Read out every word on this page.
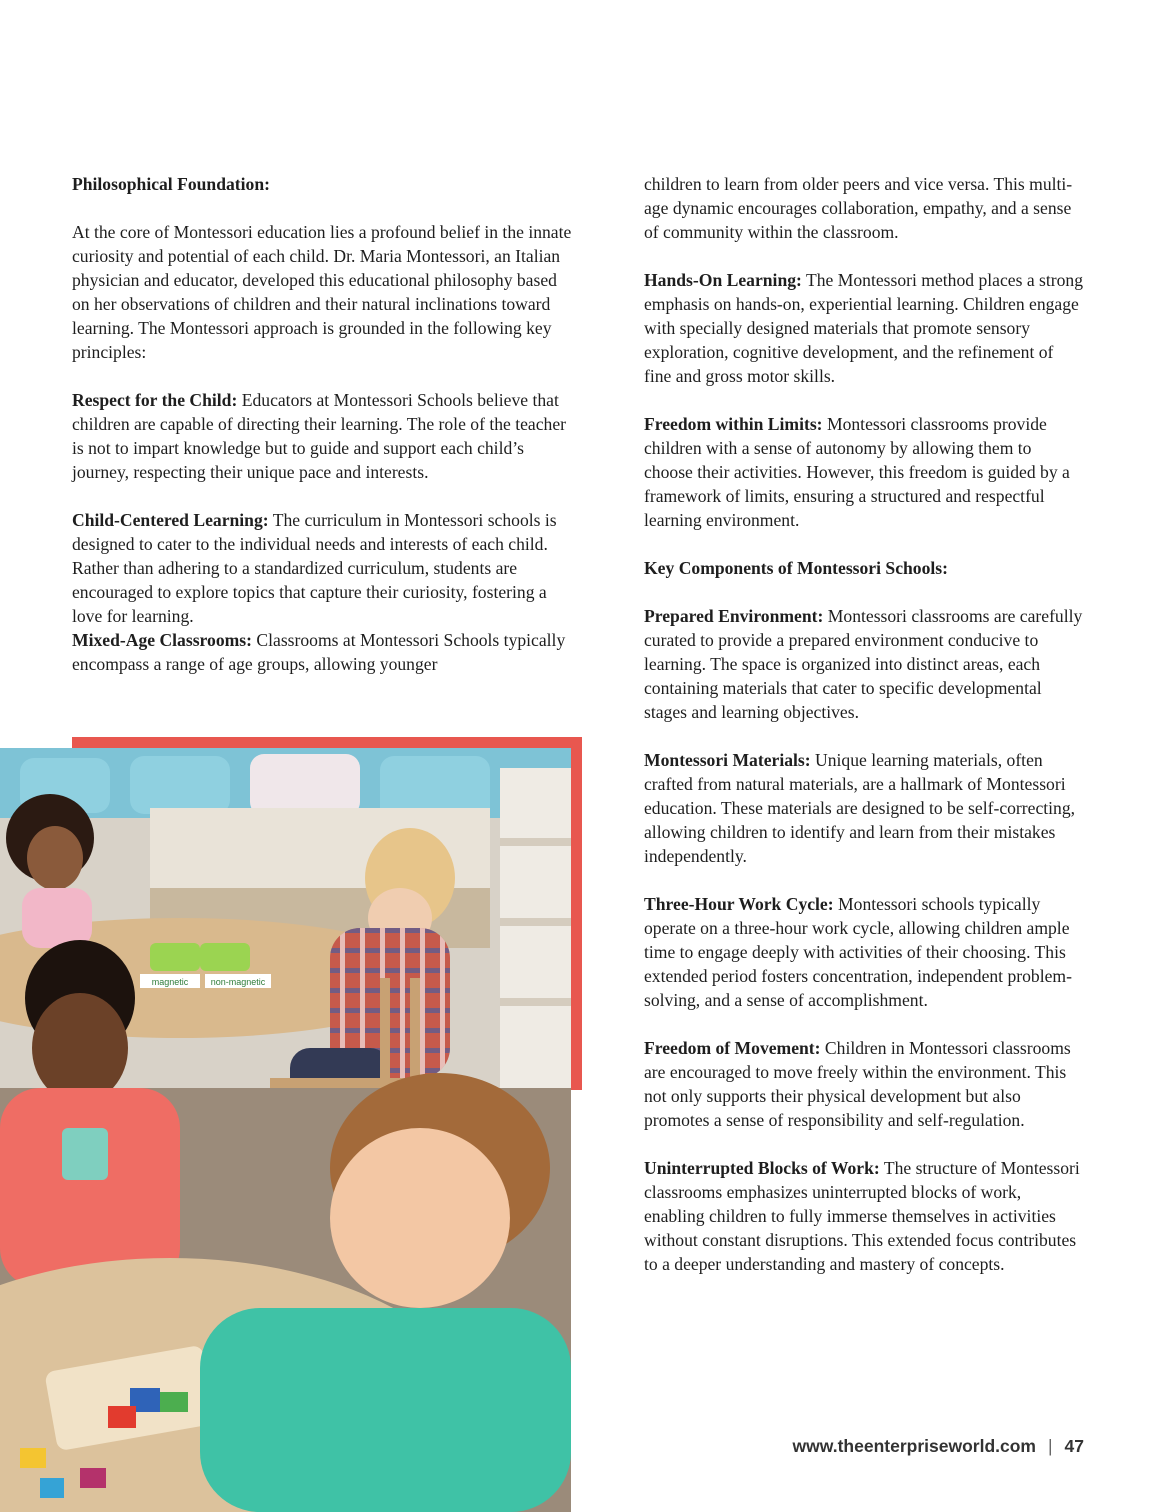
Philosophical Foundation:

At the core of Montessori education lies a profound belief in the innate curiosity and potential of each child. Dr. Maria Montessori, an Italian physician and educator, developed this educational philosophy based on her observations of children and their natural inclinations toward learning. The Montessori approach is grounded in the following key principles:

Respect for the Child: Educators at Montessori Schools believe that children are capable of directing their learning. The role of the teacher is not to impart knowledge but to guide and support each child’s journey, respecting their unique pace and interests.

Child-Centered Learning: The curriculum in Montessori schools is designed to cater to the individual needs and interests of each child. Rather than adhering to a standardized curriculum, students are encouraged to explore topics that capture their curiosity, fostering a love for learning.

Mixed-Age Classrooms: Classrooms at Montessori Schools typically encompass a range of age groups, allowing younger

children to learn from older peers and vice versa. This multi-age dynamic encourages collaboration, empathy, and a sense of community within the classroom.

Hands-On Learning: The Montessori method places a strong emphasis on hands-on, experiential learning. Children engage with specially designed materials that promote sensory exploration, cognitive development, and the refinement of fine and gross motor skills.

Freedom within Limits: Montessori classrooms provide children with a sense of autonomy by allowing them to choose their activities. However, this freedom is guided by a framework of limits, ensuring a structured and respectful learning environment.

Key Components of Montessori Schools:

Prepared Environment: Montessori classrooms are carefully curated to provide a prepared environment conducive to learning. The space is organized into distinct areas, each containing materials that cater to specific developmental stages and learning objectives.

Montessori Materials: Unique learning materials, often crafted from natural materials, are a hallmark of Montessori education. These materials are designed to be self-correcting, allowing children to identify and learn from their mistakes independently.

Three-Hour Work Cycle: Montessori schools typically operate on a three-hour work cycle, allowing children ample time to engage deeply with activities of their choosing. This extended period fosters concentration, independent problem-solving, and a sense of accomplishment.

Freedom of Movement: Children in Montessori classrooms are encouraged to move freely within the environment. This not only supports their physical development but also promotes a sense of responsibility and self-regulation.

Uninterrupted Blocks of Work: The structure of Montessori classrooms emphasizes uninterrupted blocks of work, enabling children to fully immerse themselves in activities without constant disruptions. This extended focus contributes to a deeper understanding and mastery of concepts.

magnetic non-magnetic
www.theenterpriseworld.com | 47
